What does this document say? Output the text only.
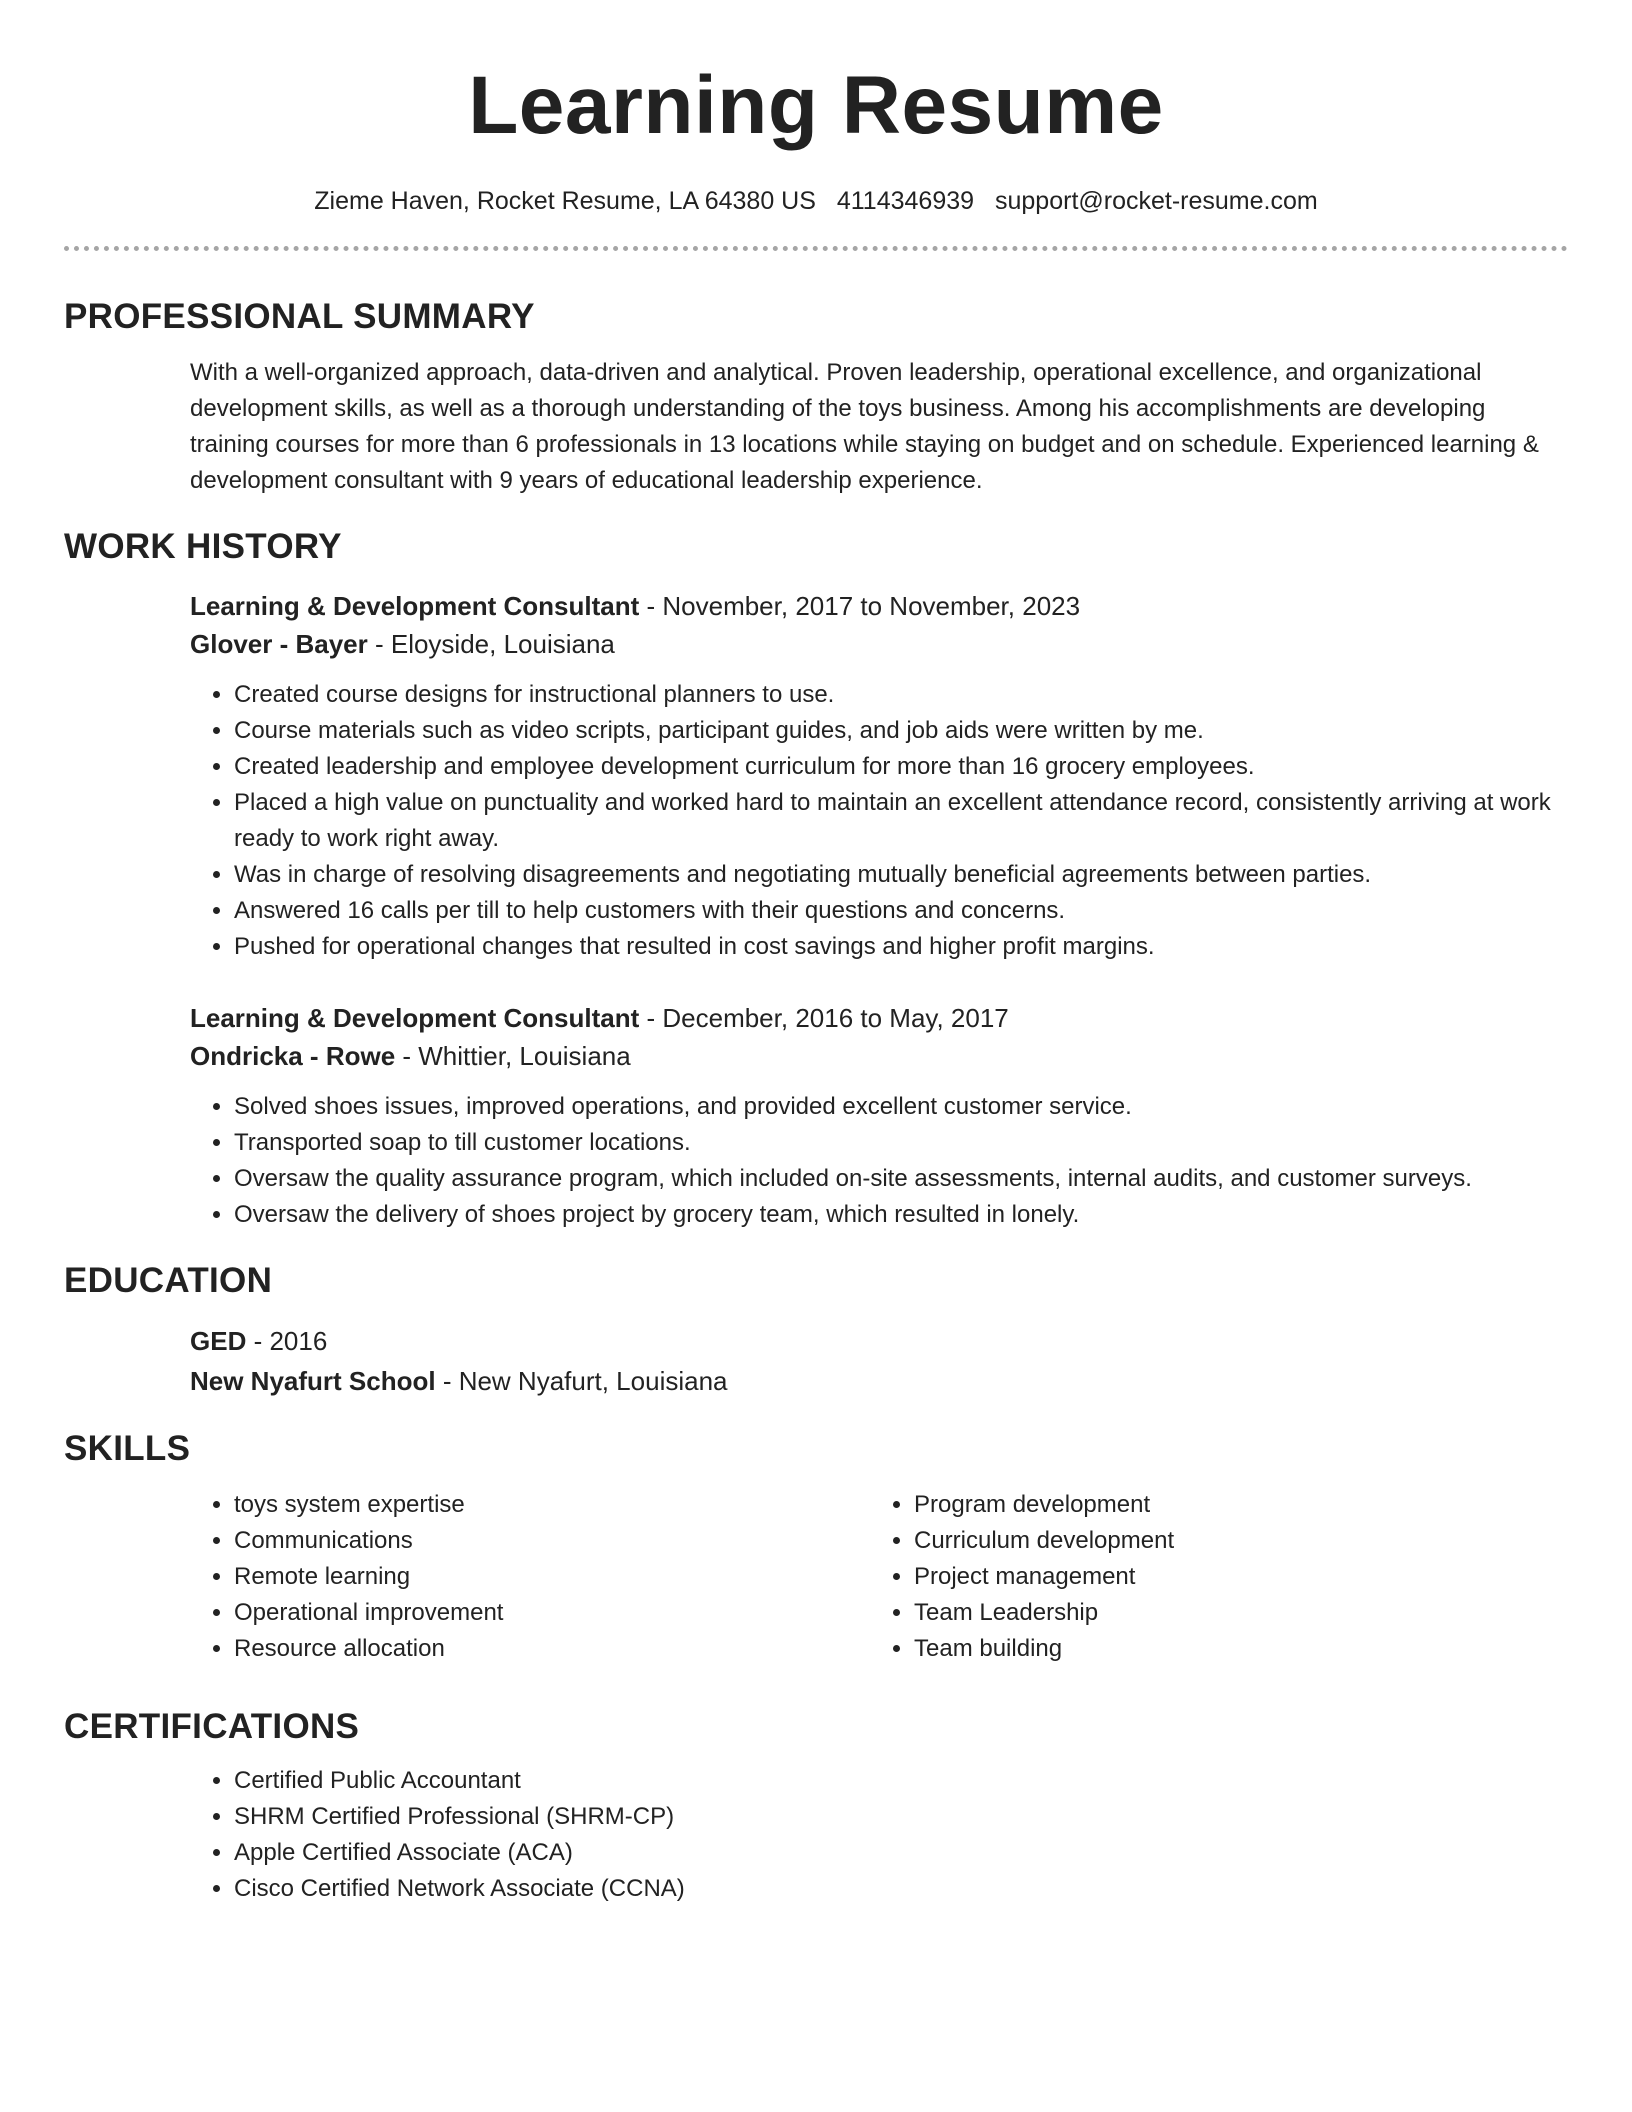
Learning Resume
Zieme Haven, Rocket Resume, LA 64380 US 4114346939 support@rocket-resume.com
PROFESSIONAL SUMMARY

With a well-organized approach, data-driven and analytical. Proven leadership, operational excellence, and organizational development skills, as well as a thorough understanding of the toys business. Among his accomplishments are developing training courses for more than 6 professionals in 13 locations while staying on budget and on schedule. Experienced learning & development consultant with 9 years of educational leadership experience.

WORK HISTORY
Learning & Development Consultant - November, 2017 to November, 2023
Glover - Bayer - Eloyside, Louisiana
• Created course designs for instructional planners to use.
• Course materials such as video scripts, participant guides, and job aids were written by me.
• Created leadership and employee development curriculum for more than 16 grocery employees.
• Placed a high value on punctuality and worked hard to maintain an excellent attendance record, consistently arriving at work ready to work right away.
• Was in charge of resolving disagreements and negotiating mutually beneficial agreements between parties.
• Answered 16 calls per till to help customers with their questions and concerns.
• Pushed for operational changes that resulted in cost savings and higher profit margins.
Learning & Development Consultant - December, 2016 to May, 2017
Ondricka - Rowe - Whittier, Louisiana
• Solved shoes issues, improved operations, and provided excellent customer service.
• Transported soap to till customer locations.
• Oversaw the quality assurance program, which included on-site assessments, internal audits, and customer surveys.
• Oversaw the delivery of shoes project by grocery team, which resulted in lonely.
EDUCATION
GED - 2016
New Nyafurt School - New Nyafurt, Louisiana
SKILLS
• toys system expertise
• Communications
• Remote learning
• Operational improvement
• Resource allocation
• Program development
• Curriculum development
• Project management
• Team Leadership
• Team building
CERTIFICATIONS
• Certified Public Accountant
• SHRM Certified Professional (SHRM-CP)
• Apple Certified Associate (ACA)
• Cisco Certified Network Associate (CCNA)
